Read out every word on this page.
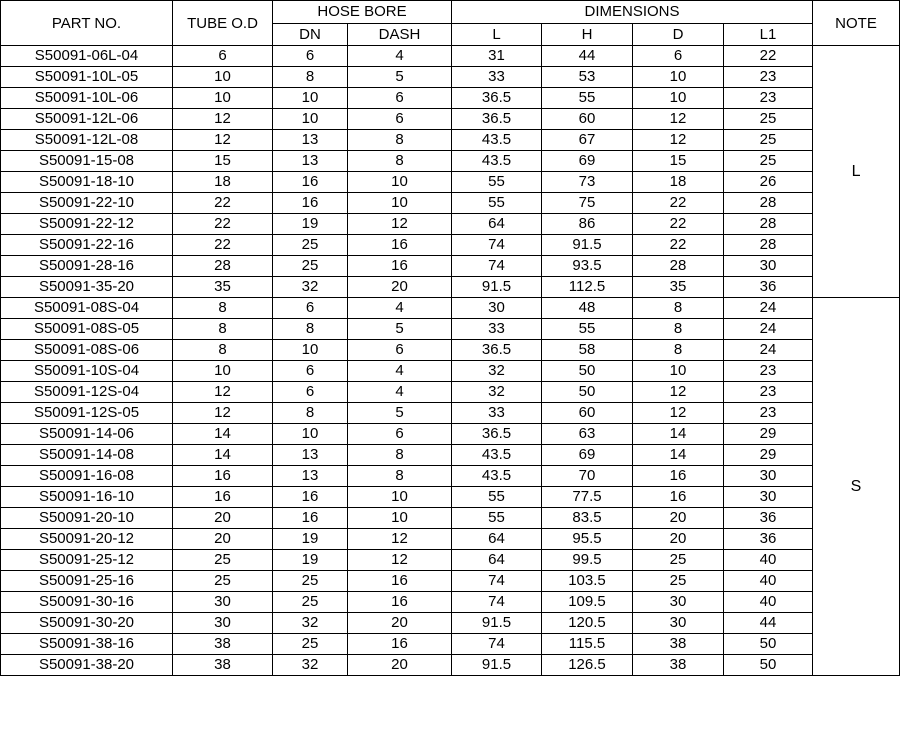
PART NO.	TUBE O.D	HOSE BORE		DIMENSIONS				NOTE
		DN	DASH	L	H	D	L1	
S50091-06L-04	6	6	4	31	44	6	22	L
S50091-10L-05	10	8	5	33	53	10	23	
S50091-10L-06	10	10	6	36.5	55	10	23	
S50091-12L-06	12	10	6	36.5	60	12	25	
S50091-12L-08	12	13	8	43.5	67	12	25	
S50091-15-08	15	13	8	43.5	69	15	25	
S50091-18-10	18	16	10	55	73	18	26	
S50091-22-10	22	16	10	55	75	22	28	
S50091-22-12	22	19	12	64	86	22	28	
S50091-22-16	22	25	16	74	91.5	22	28	
S50091-28-16	28	25	16	74	93.5	28	30	
S50091-35-20	35	32	20	91.5	112.5	35	36	
S50091-08S-04	8	6	4	30	48	8	24	S
S50091-08S-05	8	8	5	33	55	8	24	
S50091-08S-06	8	10	6	36.5	58	8	24	
S50091-10S-04	10	6	4	32	50	10	23	
S50091-12S-04	12	6	4	32	50	12	23	
S50091-12S-05	12	8	5	33	60	12	23	
S50091-14-06	14	10	6	36.5	63	14	29	
S50091-14-08	14	13	8	43.5	69	14	29	
S50091-16-08	16	13	8	43.5	70	16	30	
S50091-16-10	16	16	10	55	77.5	16	30	
S50091-20-10	20	16	10	55	83.5	20	36	
S50091-20-12	20	19	12	64	95.5	20	36	
S50091-25-12	25	19	12	64	99.5	25	40	
S50091-25-16	25	25	16	74	103.5	25	40	
S50091-30-16	30	25	16	74	109.5	30	40	
S50091-30-20	30	32	20	91.5	120.5	30	44	
S50091-38-16	38	25	16	74	115.5	38	50	
S50091-38-20	38	32	20	91.5	126.5	38	50	
